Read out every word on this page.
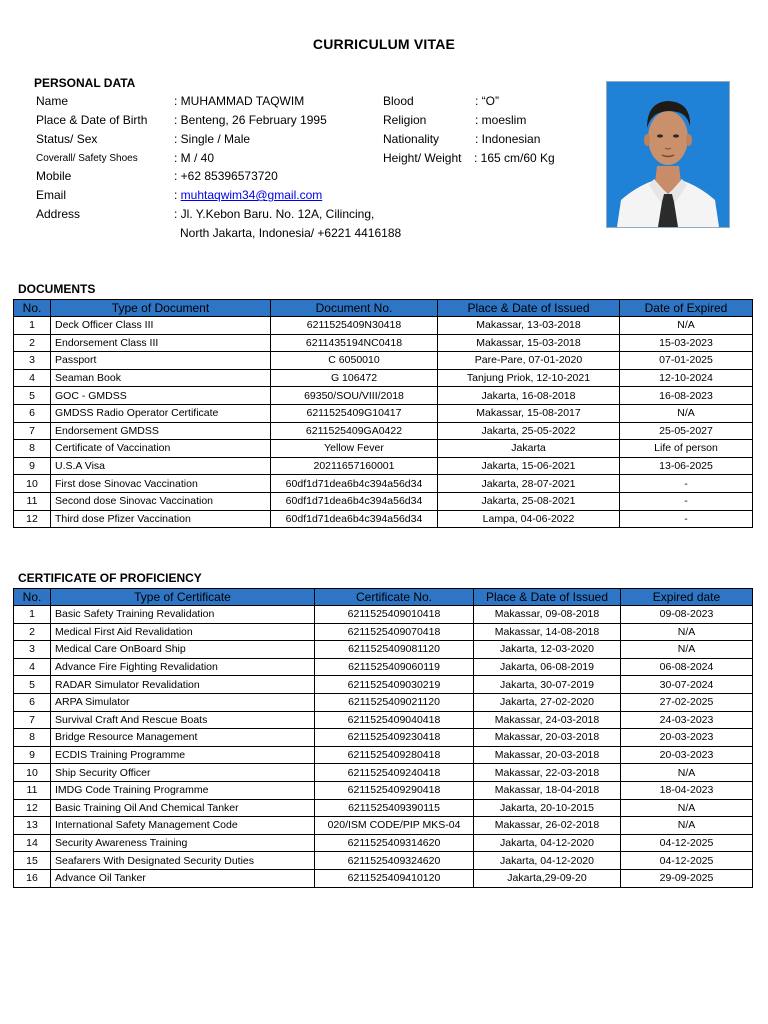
CURRICULUM VITAE
PERSONAL DATA
Name	: MUHAMMAD TAQWIM
Place & Date of Birth : Benteng, 26 February 1995
Status/ Sex	: Single / Male
Coverall/ Safety Shoes	: M / 40
Mobile	: +62 85396573720
Email	: muhtaqwim34@gmail.com
Address	: Jl. Y.Kebon Baru. No. 12A, Cilincing,
North Jakarta, Indonesia/ +6221 4416188
Blood	: “O”
Religion	: moeslim
Nationality	: Indonesian
Height/ Weight : 165 cm/60 Kg
DOCUMENTS
No.	Type of Document	Document No.	Place & Date of Issued	Date of Expired
1	Deck Officer Class III	6211525409N30418	Makassar, 13-03-2018	N/A
2	Endorsement Class III	6211435194NC0418	Makassar, 15-03-2018	15-03-2023
3	Passport	C 6050010	Pare-Pare, 07-01-2020	07-01-2025
4	Seaman Book	G 106472	Tanjung Priok, 12-10-2021	12-10-2024
5	GOC - GMDSS	69350/SOU/VIII/2018	Jakarta, 16-08-2018	16-08-2023
6	GMDSS Radio Operator Certificate	6211525409G10417	Makassar, 15-08-2017	N/A
7	Endorsement GMDSS	6211525409GA0422	Jakarta, 25-05-2022	25-05-2027
8	Certificate of Vaccination	Yellow Fever	Jakarta	Life of person
9	U.S.A Visa	20211657160001	Jakarta, 15-06-2021	13-06-2025
10	First dose Sinovac Vaccination	60df1d71dea6b4c394a56d34	Jakarta, 28-07-2021	-
11	Second dose Sinovac Vaccination	60df1d71dea6b4c394a56d34	Jakarta, 25-08-2021	-
12	Third dose Pfizer Vaccination	60df1d71dea6b4c394a56d34	Lampa, 04-06-2022	-
CERTIFICATE OF PROFICIENCY
No.	Type of Certificate	Certificate No.	Place & Date of Issued	Expired date
1	Basic Safety Training Revalidation	6211525409010418	Makassar, 09-08-2018	09-08-2023
2	Medical First Aid Revalidation	6211525409070418	Makassar, 14-08-2018	N/A
3	Medical Care OnBoard Ship	6211525409081120	Jakarta, 12-03-2020	N/A
4	Advance Fire Fighting Revalidation	6211525409060119	Jakarta, 06-08-2019	06-08-2024
5	RADAR Simulator Revalidation	6211525409030219	Jakarta, 30-07-2019	30-07-2024
6	ARPA Simulator	6211525409021120	Jakarta, 27-02-2020	27-02-2025
7	Survival Craft And Rescue Boats	6211525409040418	Makassar, 24-03-2018	24-03-2023
8	Bridge Resource Management	6211525409230418	Makassar, 20-03-2018	20-03-2023
9	ECDIS Training Programme	6211525409280418	Makassar, 20-03-2018	20-03-2023
10	Ship Security Officer	6211525409240418	Makassar, 22-03-2018	N/A
11	IMDG Code Training Programme	6211525409290418	Makassar, 18-04-2018	18-04-2023
12	Basic Training Oil And Chemical Tanker	6211525409390115	Jakarta, 20-10-2015	N/A
13	International Safety Management Code	020/ISM CODE/PIP MKS-04	Makassar, 26-02-2018	N/A
14	Security Awareness Training	6211525409314620	Jakarta, 04-12-2020	04-12-2025
15	Seafarers With Designated Security Duties	6211525409324620	Jakarta, 04-12-2020	04-12-2025
16	Advance Oil Tanker	6211525409410120	Jakarta,29-09-20	29-09-2025
